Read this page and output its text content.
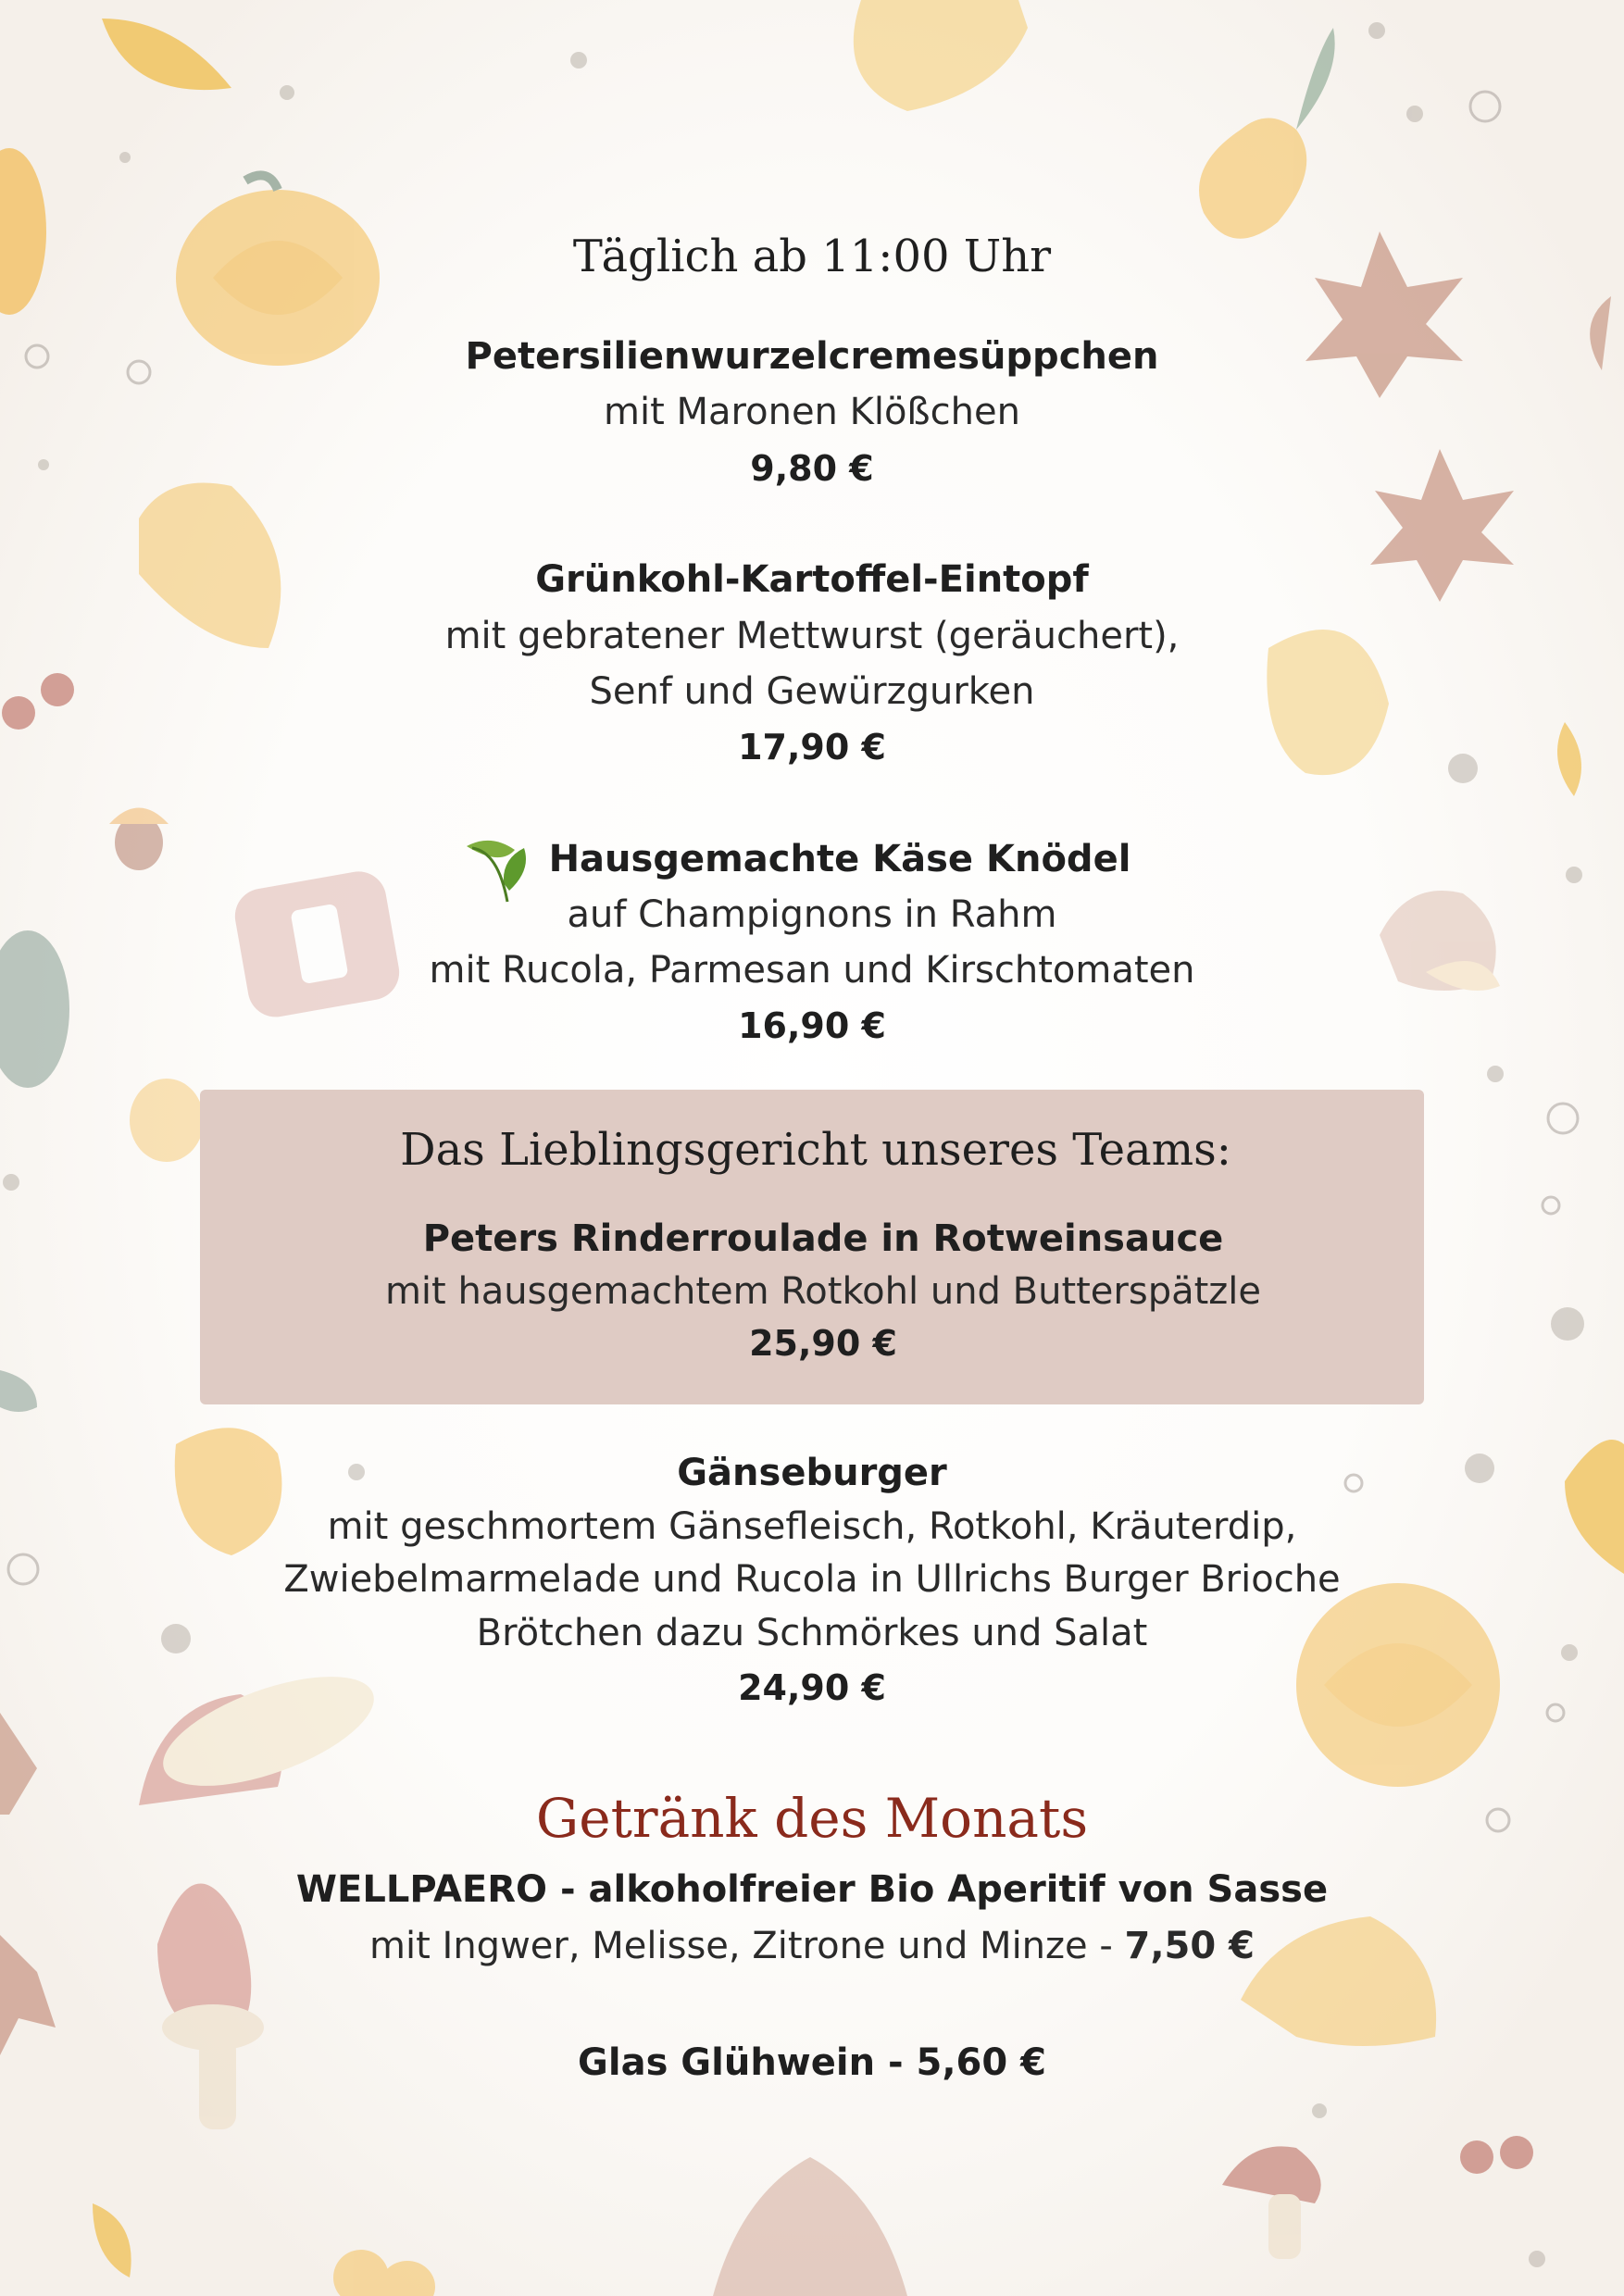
Täglich ab 11:00 Uhr
Petersilienwurzelcremesüppchen
mit Maronen Klößchen
9,80 €
Grünkohl-Kartoffel-Eintopf
mit gebratener Mettwurst (geräuchert),
Senf und Gewürzgurken
17,90 €
Hausgemachte Käse Knödel
auf Champignons in Rahm
mit Rucola, Parmesan und Kirschtomaten
16,90 €
Das Lieblingsgericht unseres Teams:
Peters Rinderroulade in Rotweinsauce
mit hausgemachtem Rotkohl und Butterspätzle
25,90 €
Gänseburger
mit geschmortem Gänsefleisch, Rotkohl, Kräuterdip,
Zwiebelmarmelade und Rucola in Ullrichs Burger Brioche
Brötchen dazu Schmörkes und Salat
24,90 €
Getränk des Monats
WELLPAERO - alkoholfreier Bio Aperitif von Sasse
mit Ingwer, Melisse, Zitrone und Minze - 7,50 €
Glas Glühwein - 5,60 €
